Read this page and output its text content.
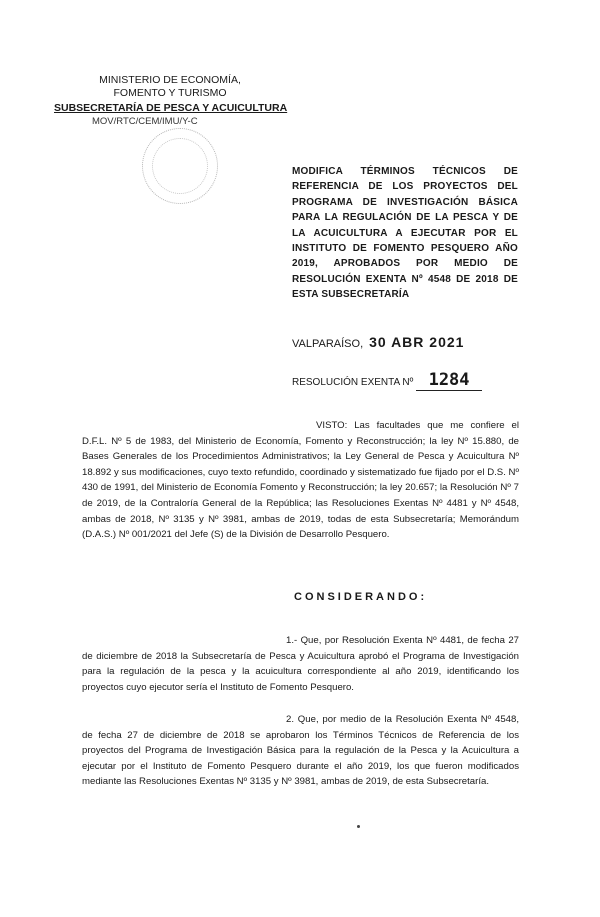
MINISTERIO DE ECONOMÍA,
FOMENTO Y TURISMO
SUBSECRETARÍA DE PESCA Y ACUICULTURA
MOV/RTC/CEM/IMU/Y-C
MODIFICA TÉRMINOS TÉCNICOS DE REFERENCIA DE LOS PROYECTOS DEL PROGRAMA DE INVESTIGACIÓN BÁSICA PARA LA REGULACIÓN DE LA PESCA Y DE LA ACUICULTURA A EJECUTAR POR EL INSTITUTO DE FOMENTO PESQUERO AÑO 2019, APROBADOS POR MEDIO DE RESOLUCIÓN EXENTA Nº 4548 DE 2018 DE ESTA SUBSECRETARÍA
VALPARAÍSO, 30 ABR 2021
RESOLUCIÓN EXENTA Nº 1284
VISTO: Las facultades que me confiere el D.F.L. Nº 5 de 1983, del Ministerio de Economía, Fomento y Reconstrucción; la ley Nº 15.880, de Bases Generales de los Procedimientos Administrativos; la Ley General de Pesca y Acuicultura Nº 18.892 y sus modificaciones, cuyo texto refundido, coordinado y sistematizado fue fijado por el D.S. Nº 430 de 1991, del Ministerio de Economía Fomento y Reconstrucción; la ley 20.657; la Resolución Nº 7 de 2019, de la Contraloría General de la República; las Resoluciones Exentas Nº 4481 y Nº 4548, ambas de 2018, Nº 3135 y Nº 3981, ambas de 2019, todas de esta Subsecretaría; Memorándum (D.A.S.) Nº 001/2021 del Jefe (S) de la División de Desarrollo Pesquero.
CONSIDERANDO:
1.- Que, por Resolución Exenta Nº 4481, de fecha 27 de diciembre de 2018 la Subsecretaría de Pesca y Acuicultura aprobó el Programa de Investigación para la regulación de la pesca y la acuicultura correspondiente al año 2019, identificando los proyectos cuyo ejecutor sería el Instituto de Fomento Pesquero.
2. Que, por medio de la Resolución Exenta Nº 4548, de fecha 27 de diciembre de 2018 se aprobaron los Términos Técnicos de Referencia de los proyectos del Programa de Investigación Básica para la regulación de la Pesca y la Acuicultura a ejecutar por el Instituto de Fomento Pesquero durante el año 2019, los que fueron modificados mediante las Resoluciones Exentas Nº 3135 y Nº 3981, ambas de 2019, de esta Subsecretaría.
